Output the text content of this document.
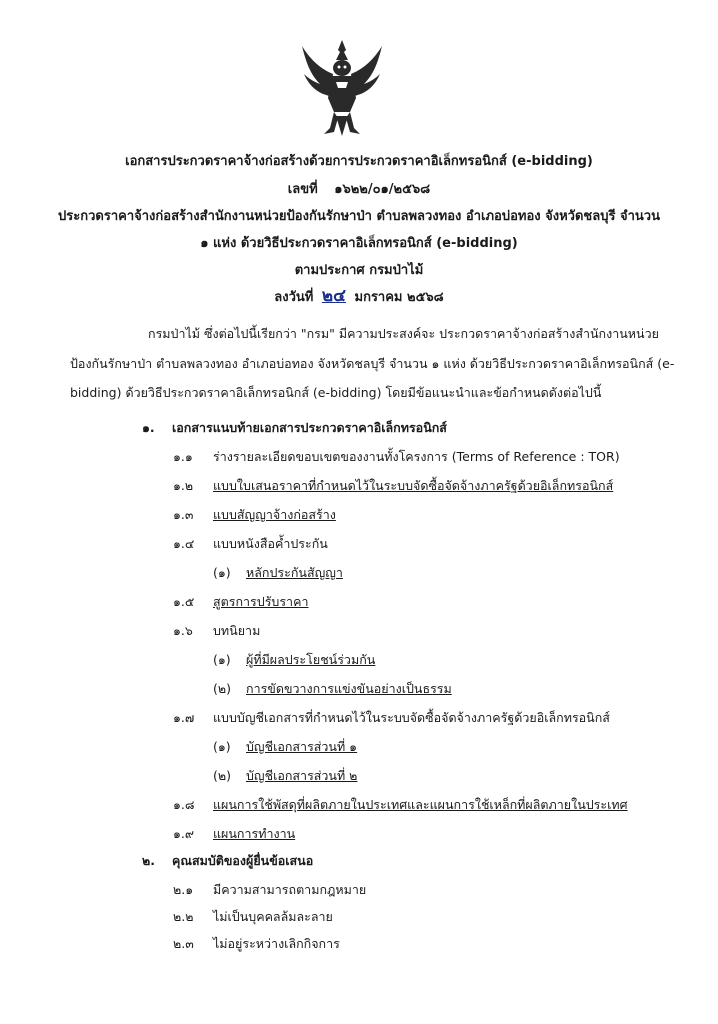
เอกสารประกวดราคาจ้างก่อสร้างด้วยการประกวดราคาอิเล็กทรอนิกส์ (e-bidding)
เลขที่ ๑๖๒๒/๐๑/๒๕๖๘
ประกวดราคาจ้างก่อสร้างสำนักงานหน่วยป้องกันรักษาป่า ตำบลพลวงทอง อำเภอบ่อทอง จังหวัดชลบุรี จำนวน
๑ แห่ง ด้วยวิธีประกวดราคาอิเล็กทรอนิกส์ (e-bidding)
ตามประกาศ กรมป่าไม้
ลงวันที่ ๒๔ มกราคม ๒๕๖๘
กรมป่าไม้ ซึ่งต่อไปนี้เรียกว่า "กรม" มีความประสงค์จะ ประกวดราคาจ้างก่อสร้างสำนักงานหน่วย
ป้องกันรักษาป่า ตำบลพลวงทอง อำเภอบ่อทอง จังหวัดชลบุรี จำนวน ๑ แห่ง ด้วยวิธีประกวดราคาอิเล็กทรอนิกส์ (e-
bidding) ด้วยวิธีประกวดราคาอิเล็กทรอนิกส์ (e-bidding) โดยมีข้อแนะนำและข้อกำหนดดังต่อไปนี้
๑. เอกสารแนบท้ายเอกสารประกวดราคาอิเล็กทรอนิกส์
๑.๑ ร่างรายละเอียดขอบเขตของงานทั้งโครงการ (Terms of Reference : TOR)
๑.๒ แบบใบเสนอราคาที่กำหนดไว้ในระบบจัดซื้อจัดจ้างภาครัฐด้วยอิเล็กทรอนิกส์
๑.๓ แบบสัญญาจ้างก่อสร้าง
๑.๔ แบบหนังสือค้ำประกัน
(๑) หลักประกันสัญญา
๑.๕ สูตรการปรับราคา
๑.๖ บทนิยาม
(๑) ผู้ที่มีผลประโยชน์ร่วมกัน
(๒) การขัดขวางการแข่งขันอย่างเป็นธรรม
๑.๗ แบบบัญชีเอกสารที่กำหนดไว้ในระบบจัดซื้อจัดจ้างภาครัฐด้วยอิเล็กทรอนิกส์
(๑) บัญชีเอกสารส่วนที่ ๑
(๒) บัญชีเอกสารส่วนที่ ๒
๑.๘ แผนการใช้พัสดุที่ผลิตภายในประเทศและแผนการใช้เหล็กที่ผลิตภายในประเทศ
๑.๙ แผนการทำงาน
๒. คุณสมบัติของผู้ยื่นข้อเสนอ
๒.๑ มีความสามารถตามกฎหมาย
๒.๒ ไม่เป็นบุคคลล้มละลาย
๒.๓ ไม่อยู่ระหว่างเลิกกิจการ
